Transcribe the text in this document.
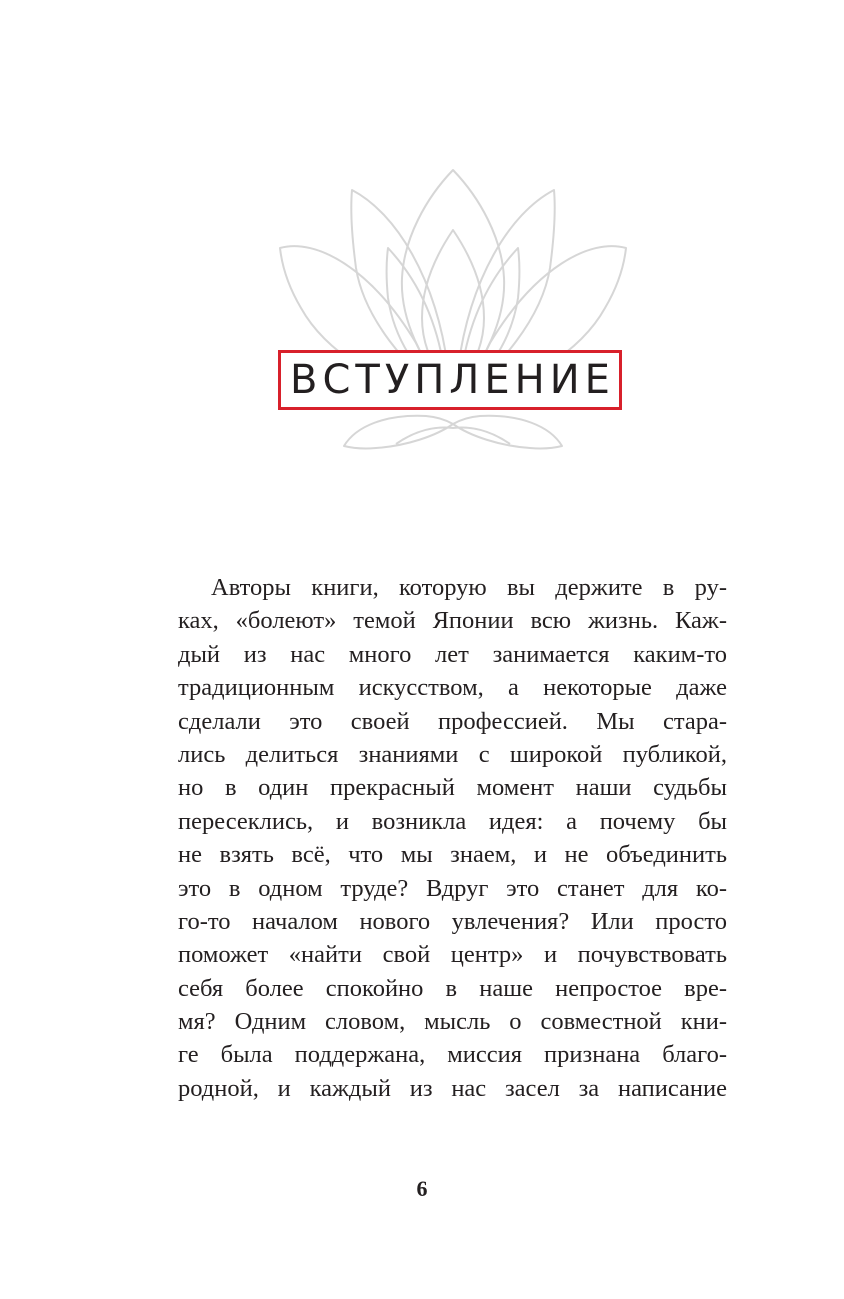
ВСТУПЛЕНИЕ
Авторы книги, которую вы держите в ру-
ках, «болеют» темой Японии всю жизнь. Каж-
дый из нас много лет занимается каким-то
традиционным искусством, а некоторые даже
сделали это своей профессией. Мы стара-
лись делиться знаниями с широкой публикой,
но в один прекрасный момент наши судьбы
пересеклись, и возникла идея: а почему бы
не взять всё, что мы знаем, и не объединить
это в одном труде? Вдруг это станет для ко-
го-то началом нового увлечения? Или просто
поможет «найти свой центр» и почувствовать
себя более спокойно в наше непростое вре-
мя? Одним словом, мысль о совместной кни-
ге была поддержана, миссия признана благо-
родной, и каждый из нас засел за написание
6
